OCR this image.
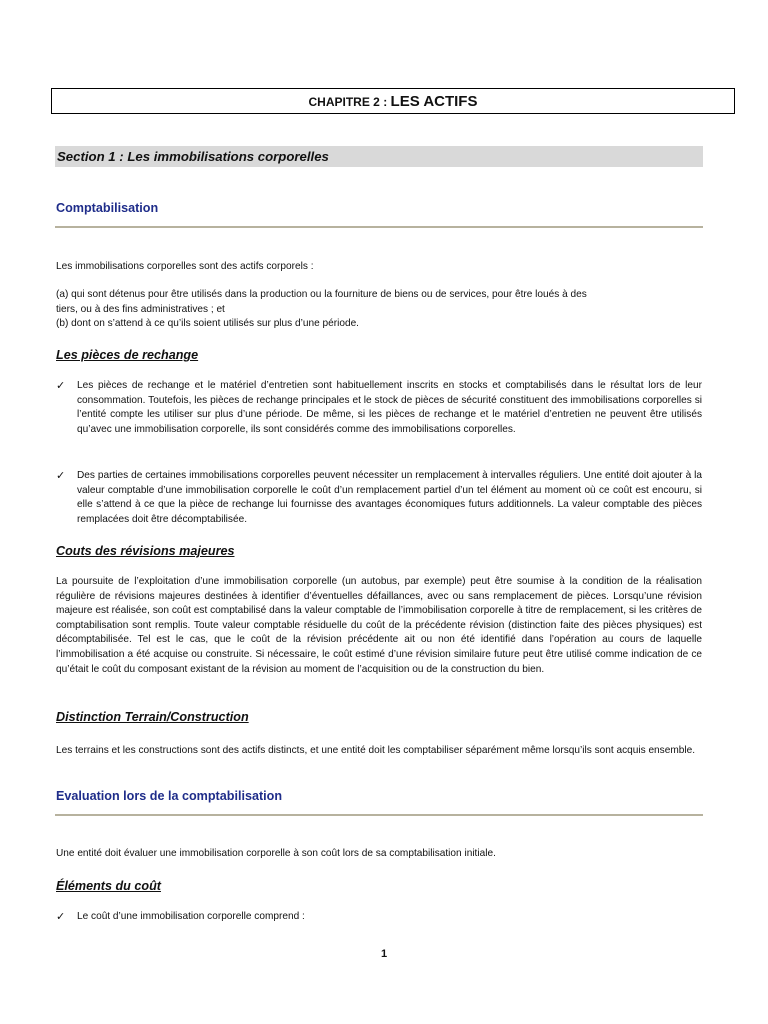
CHAPITRE 2 : LES ACTIFS
Section 1 : Les immobilisations corporelles
Comptabilisation

Les immobilisations corporelles sont des actifs corporels :

(a) qui sont détenus pour être utilisés dans la production ou la fourniture de biens ou de services, pour être loués à des
tiers, ou à des fins administratives ; et
(b) dont on s’attend à ce qu’ils soient utilisés sur plus d’une période.

Les pièces de rechange
✓	Les pièces de rechange et le matériel d’entretien sont habituellement inscrits en stocks et comptabilisés dans le résultat lors de leur consommation. Toutefois, les pièces de rechange principales et le stock de pièces de sécurité constituent des immobilisations corporelles si l’entité compte les utiliser sur plus d’une période. De même, si les pièces de rechange et le matériel d’entretien ne peuvent être utilisés qu’avec une immobilisation corporelle, ils sont considérés comme des immobilisations corporelles.

✓	Des parties de certaines immobilisations corporelles peuvent nécessiter un remplacement à intervalles réguliers. Une entité doit ajouter à la valeur comptable d’une immobilisation corporelle le coût d’un remplacement partiel d’un tel élément au moment où ce coût est encouru, si elle s’attend à ce que la pièce de rechange lui fournisse des avantages économiques futurs additionnels. La valeur comptable des pièces remplacées doit être décomptabilisée.

Couts des révisions majeures

La poursuite de l’exploitation d’une immobilisation corporelle (un autobus, par exemple) peut être soumise à la condition de la réalisation régulière de révisions majeures destinées à identifier d’éventuelles défaillances, avec ou sans remplacement de pièces. Lorsqu’une révision majeure est réalisée, son coût est comptabilisé dans la valeur comptable de l’immobilisation corporelle à titre de remplacement, si les critères de comptabilisation sont remplis. Toute valeur comptable résiduelle du coût de la précédente révision (distinction faite des pièces physiques) est décomptabilisée. Tel est le cas, que le coût de la révision précédente ait ou non été identifié dans l’opération au cours de laquelle l’immobilisation a été acquise ou construite. Si nécessaire, le coût estimé d’une révision similaire future peut être utilisé comme indication de ce qu’était le coût du composant existant de la révision au moment de l’acquisition ou de la construction du bien.

Distinction Terrain/Construction

Les terrains et les constructions sont des actifs distincts, et une entité doit les comptabiliser séparément même lorsqu’ils sont acquis ensemble.

Evaluation lors de la comptabilisation

Une entité doit évaluer une immobilisation corporelle à son coût lors de sa comptabilisation initiale.

Éléments du coût
✓	Le coût d’une immobilisation corporelle comprend :

1
